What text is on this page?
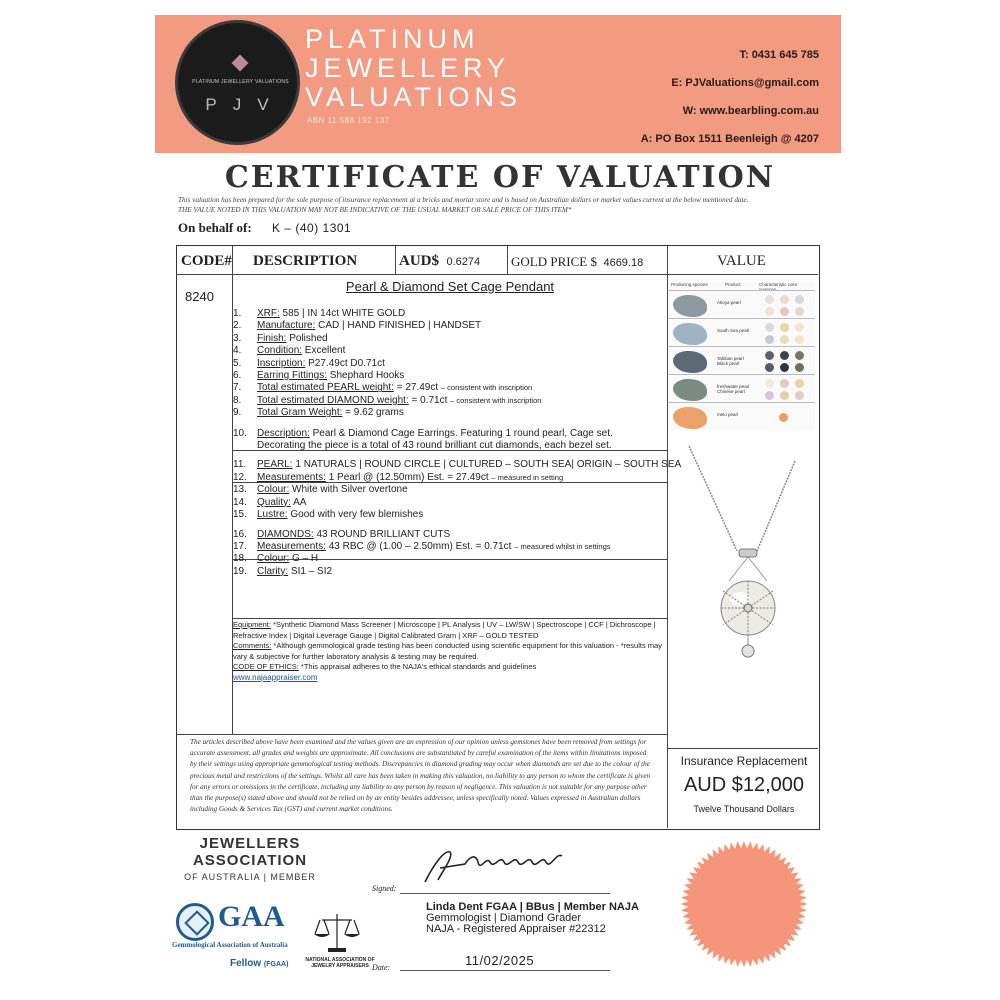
PLATINUM JEWELLERY VALUATIONS
PJV
PLATINUM
JEWELLERY
VALUATIONS
ABN 11 588 192 137
T: 0431 645 785
E: PJValuations@gmail.com
W: www.bearbling.com.au
A: PO Box 1511 Beenleigh @ 4207
CERTIFICATE OF VALUATION
This valuation has been prepared for the sole purpose of insurance replacement at a bricks and mortar store and is based on Australian dollars or market values current at the below mentioned date.
THE VALUE NOTED IN THIS VALUATION MAY NOT BE INDICATIVE OF THE USUAL MARKET OR SALE PRICE OF THIS ITEM*
On behalf of: K – (40) 1301
CODE# DESCRIPTION	AUD$ 0.6274 GOLD PRICE $ 4669.18	VALUE
8240
Pearl & Diamond Set Cage Pendant
1. XRF: 585 | IN 14ct WHITE GOLD
2. Manufacture: CAD | HAND FINISHED | HANDSET
3. Finish: Polished
4. Condition: Excellent
5. Inscription: P27.49ct D0.71ct
6. Earring Fittings: Shephard Hooks
7. Total estimated PEARL weight: = 27.49ct – consistent with inscription
8. Total estimated DIAMOND weight: = 0.71ct – consistent with inscription
9. Total Gram Weight: = 9.62 grams
10. Description: Pearl & Diamond Cage Earrings. Featuring 1 round pearl, Cage set.
Decorating the piece is a total of 43 round brilliant cut diamonds, each bezel set.
11. PEARL: 1 NATURALS | ROUND CIRCLE | CULTURED – SOUTH SEA| ORIGIN – SOUTH SEA
12. Measurements: 1 Pearl @ (12.50mm) Est. = 27.49ct – measured in setting
13. Colour: White with Silver overtone
14. Quality: AA
15. Lustre: Good with very few blemishes
16. DIAMONDS: 43 ROUND BRILLIANT CUTS
17. Measurements: 43 RBC @ (1.00 – 2.50mm) Est. = 0.71ct – measured whilst in settings
18. Colour: G – H
19. Clarity: SI1 – SI2
Equipment: *Synthetic Diamond Mass Screener | Microscope | PL Analysis | UV – LW/SW | Spectroscope | CCF | Dichroscope | Refractive Index | Digital Leverage Gauge | Digital Calibrated Gram | XRF – GOLD TESTED
Comments: *Although gemmological grade testing has been conducted using scientific equipment for this valuation - *results may vary & subjective for further laboratory analysis & testing may be required.
CODE OF ETHICS: *This appraisal adheres to the NAJA's ethical standards and guidelines
www.najaappraiser.com
Producing species	Product	Characteristic color nuances
Akoya pearl
South Sea pearl
Tahitian pearl Black pearl
freshwater pearl Chinese pearl
melo pearl
Insurance Replacement
AUD $12,000
Twelve Thousand Dollars
The articles described above have been examined and the values given are an expression of our opinion unless gemstones have been removed from settings for accurate assessment, all grades and weights are approximate. All conclusions are substantiated by careful examination of the items within limitations imposed by their settings using appropriate gemmological testing methods. Discrepancies in diamond grading may occur when diamonds are set due to the colour of the precious metal and restrictions of the settings. Whilst all care has been taken in making this valuation, no liability to any person to whom the certificate is given for any errors or omissions in the certificate, including any liability to any person by reason of negligence. This valuation is not suitable for any purpose other than the purpose(s) stated above and should not be relied on by an entity besides addressee, unless specifically noted. Values expressed in Australian dollars including Goods & Services Tax (GST) and current market conditions.
JEWELLERS
ASSOCIATION
OF AUSTRALIA | MEMBER
GAA
Gemmological Association of Australia
Fellow (FGAA)
NATIONAL ASSOCIATION OF JEWELRY APPRAISERS
Signed:
Linda Dent FGAA | BBus | Member NAJA
Gemmologist | Diamond Grader
NAJA - Registered Appraiser #22312
Date:	11/02/2025
